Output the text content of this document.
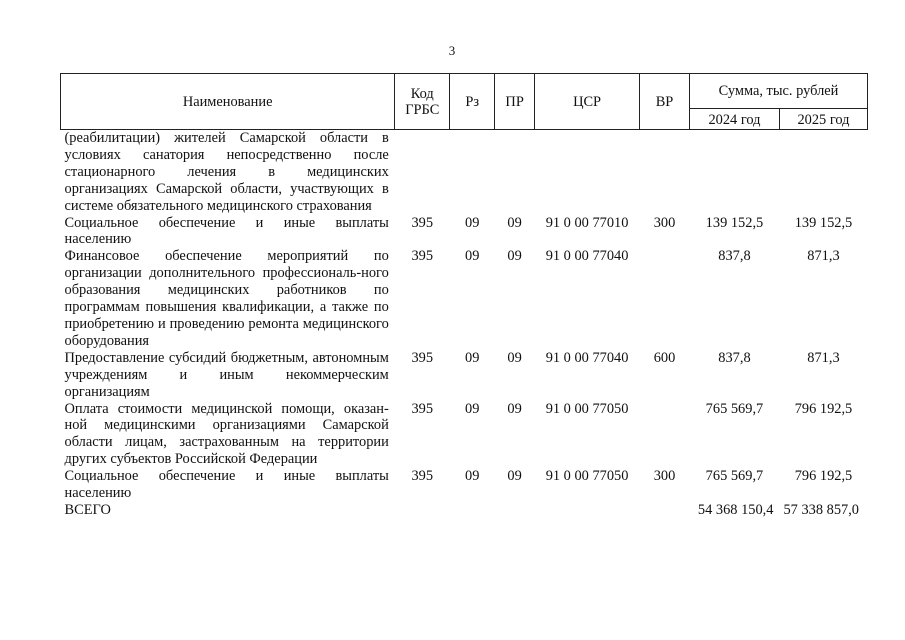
3
Наименование	Код ГРБС	Рз	ПР	ЦСР	ВР	Сумма, тыс. рублей	
						2024 год	2025 год
(реабилитации) жителей Самарской области в условиях санатория непосредственно после стационарного лечения в медицинских организациях Самарской области, участвующих в системе обязательного медицинского страхования							
Социальное обеспечение и иные выплаты населению	395	09	09	91 0 00 77010	300	139 152,5	139 152,5
Финансовое обеспечение мероприятий по организации дополнительного профессиональ-ного образования медицинских работников по программам повышения квалификации, а также по приобретению и проведению ремонта медицинского оборудования	395	09	09	91 0 00 77040		837,8	871,3
Предоставление субсидий бюджетным, автономным учреждениям и иным некоммерческим организациям	395	09	09	91 0 00 77040	600	837,8	871,3
Оплата стоимости медицинской помощи, оказан-ной медицинскими организациями Самарской области лицам, застрахованным на территории других субъектов Российской Федерации	395	09	09	91 0 00 77050		765 569,7	796 192,5
Социальное обеспечение и иные выплаты населению	395	09	09	91 0 00 77050	300	765 569,7	796 192,5
ВСЕГО						54 368 150,4	57 338 857,0
